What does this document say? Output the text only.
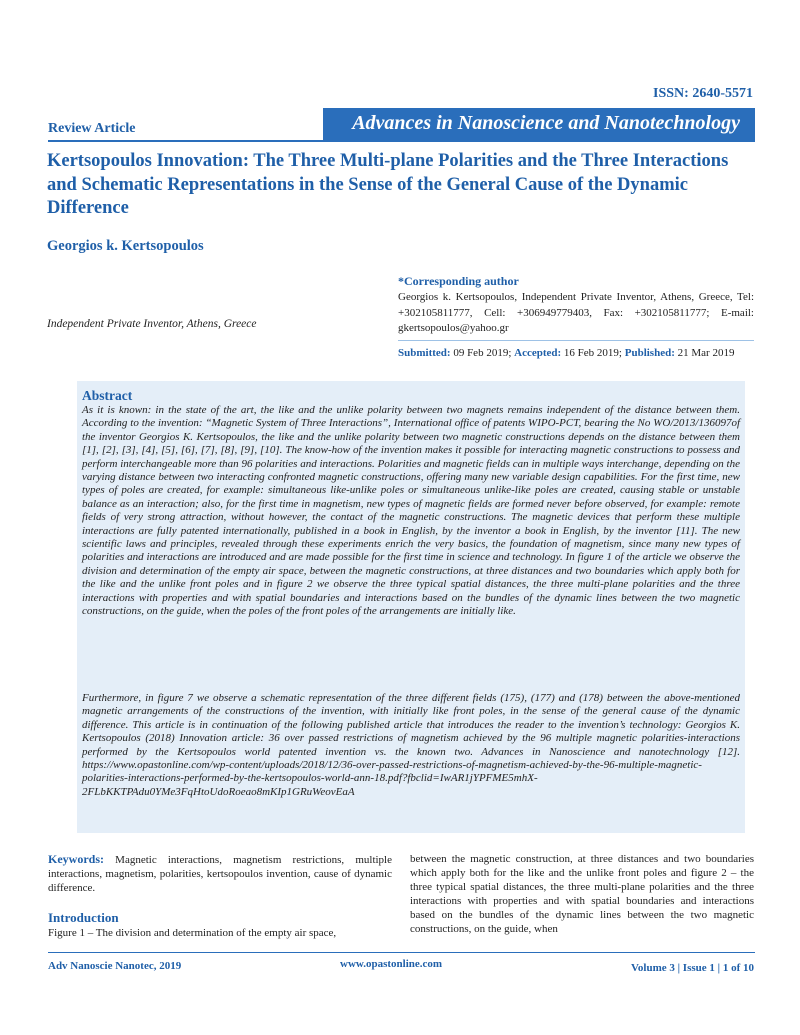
ISSN: 2640-5571
Review Article	Advances in Nanoscience and Nanotechnology
Kertsopoulos Innovation: The Three Multi-plane Polarities and the Three Interactions and Schematic Representations in the Sense of the General Cause of the Dynamic Difference
Georgios k. Kertsopoulos
Independent Private Inventor, Athens, Greece
*Corresponding author
Georgios k. Kertsopoulos, Independent Private Inventor, Athens, Greece, Tel: +302105811777, Cell: +306949779403, Fax: +302105811777; E-mail: gkertsopoulos@yahoo.gr
Submitted: 09 Feb 2019; Accepted: 16 Feb 2019; Published: 21 Mar 2019
Abstract
As it is known: in the state of the art, the like and the unlike polarity between two magnets remains independent of the distance between them. According to the invention: “Magnetic System of Three Interactions”, International office of patents WIPO-PCT, bearing the No WO/2013/136097of the inventor Georgios K. Kertsopoulos, the like and the unlike polarity between two magnetic constructions depends on the distance between them [1], [2], [3], [4], [5], [6], [7], [8], [9], [10]. The know-how of the invention makes it possible for interacting magnetic constructions to possess and perform interchangeable more than 96 polarities and interactions. Polarities and magnetic fields can in multiple ways interchange, depending on the varying distance between two interacting confronted magnetic constructions, offering many new variable design capabilities. For the first time, new types of poles are created, for example: simultaneous like-unlike poles or simultaneous unlike-like poles are created, causing stable or unstable balance as an interaction; also, for the first time in magnetism, new types of magnetic fields are formed never before observed, for example: remote fields of very strong attraction, without however, the contact of the magnetic constructions. The magnetic devices that perform these multiple interactions are fully patented internationally, published in a book in English, by the inventor a book in English, by the inventor [11]. The new scientific laws and principles, revealed through these experiments enrich the very basics, the foundation of magnetism, since many new types of polarities and interactions are introduced and are made possible for the first time in science and technology. In figure 1 of the article we observe the division and determination of the empty air space, between the magnetic constructions, at three distances and two boundaries which apply both for the like and the unlike front poles and in figure 2 we observe the three typical spatial distances, the three multi-plane polarities and the three interactions with properties and with spatial boundaries and interactions based on the bundles of the dynamic lines between the two magnetic constructions, on the guide, when the poles of the front poles of the arrangements are initially like.
Furthermore, in figure 7 we observe a schematic representation of the three different fields (175), (177) and (178) between the above-mentioned magnetic arrangements of the constructions of the invention, with initially like front poles, in the sense of the general cause of the dynamic difference. This article is in continuation of the following published article that introduces the reader to the invention’s technology: Georgios K. Kertsopoulos (2018) Innovation article: 36 over passed restrictions of magnetism achieved by the 96 multiple magnetic polarities-interactions performed by the Kertsopoulos world patented invention vs. the known two. Advances in Nanoscience and nanotechnology [12]. https://www.opastonline.com/wp-content/uploads/2018/12/36-over-passed-restrictions-of-magnetism-achieved-by-the-96-multiple-magnetic-polarities-interactions-performed-by-the-kertsopoulos-world-ann-18.pdf?fbclid=IwAR1jYPFME5mhX-2FLbKKTPAdu0YMe3FqHtoUdoRoeao8mKIp1GRuWeovEaA
Keywords: Magnetic interactions, magnetism restrictions, multiple interactions, magnetism, polarities, kertsopoulos invention, cause of dynamic difference.
Introduction
Figure 1 – The division and determination of the empty air space,
between the magnetic construction, at three distances and two boundaries which apply both for the like and the unlike front poles and figure 2 – the three typical spatial distances, the three multi-plane polarities and the three interactions with properties and with spatial boundaries and interactions based on the bundles of the dynamic lines between the two magnetic constructions, on the guide, when
Adv Nanoscie Nanotec, 2019	www.opastonline.com	Volume 3 | Issue 1 | 1 of 10
